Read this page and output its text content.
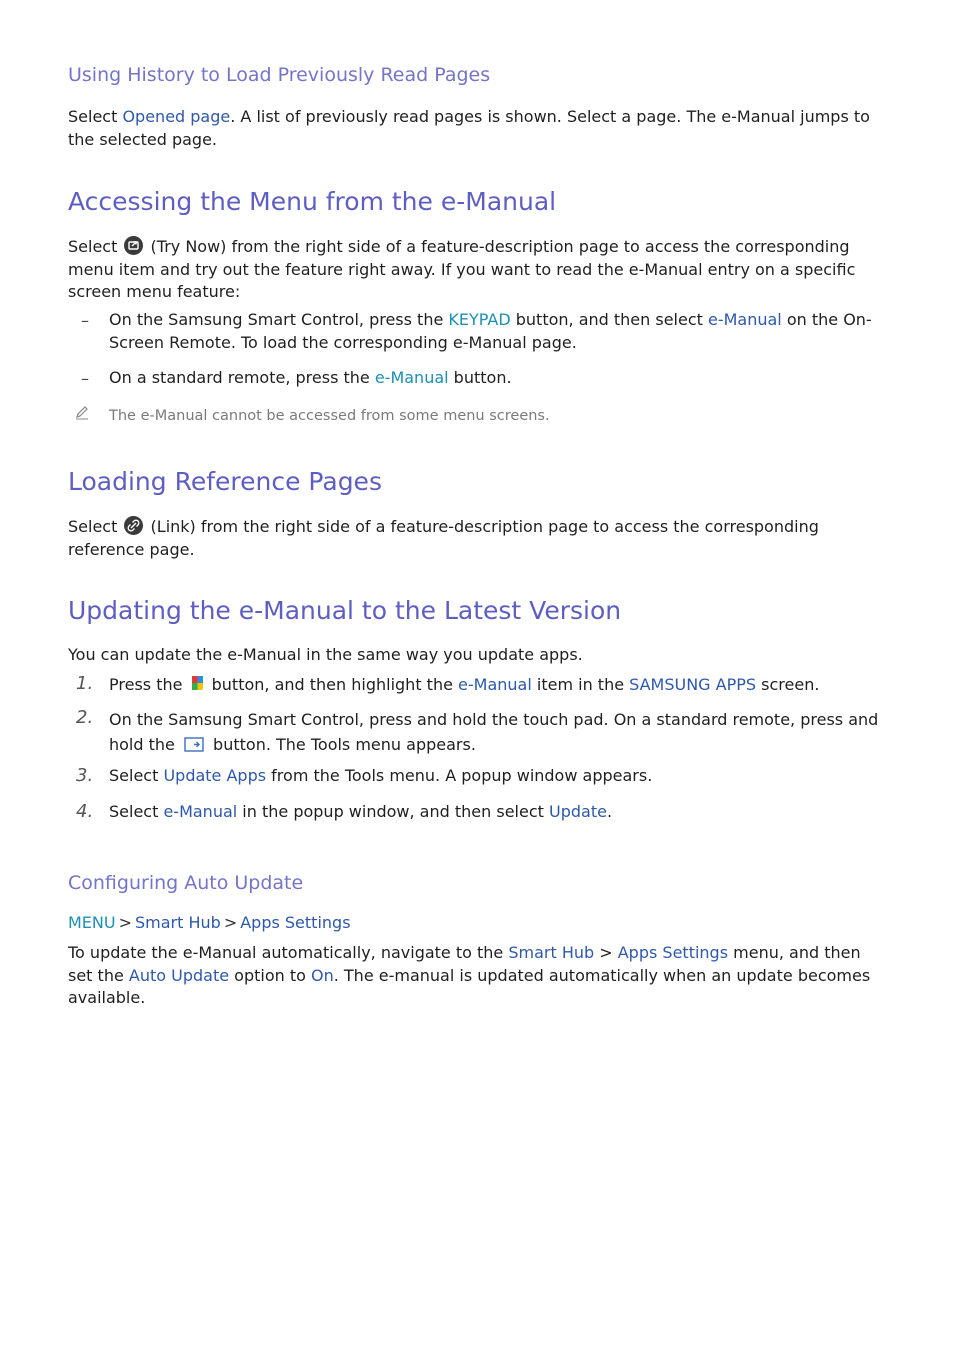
Using History to Load Previously Read Pages
Select Opened page. A list of previously read pages is shown. Select a page. The e-Manual jumps to the selected page.
Accessing the Menu from the e-Manual
Select
(Try Now) from the right side of a feature-description page to access the corresponding menu item and try out the feature right away. If you want to read the e-Manual entry on a specific screen menu feature:
– On the Samsung Smart Control, press the KEYPAD button, and then select e-Manual on the On-Screen Remote. To load the corresponding e-Manual page.
– On a standard remote, press the e-Manual button.
The e-Manual cannot be accessed from some menu screens.
Loading Reference Pages
Select
(Link) from the right side of a feature-description page to access the corresponding reference page.
Updating the e-Manual to the Latest Version
You can update the e-Manual in the same way you update apps.
1. Press the  button, and then highlight the e-Manual item in the SAMSUNG APPS screen.
2. On the Samsung Smart Control, press and hold the touch pad. On a standard remote, press and hold the  button. The Tools menu appears.
3. Select Update Apps from the Tools menu. A popup window appears.
4. Select e-Manual in the popup window, and then select Update.
Configuring Auto Update
MENU > Smart Hub > Apps Settings
To update the e-Manual automatically, navigate to the Smart Hub > Apps Settings menu, and then set the Auto Update option to On. The e-manual is updated automatically when an update becomes available.
